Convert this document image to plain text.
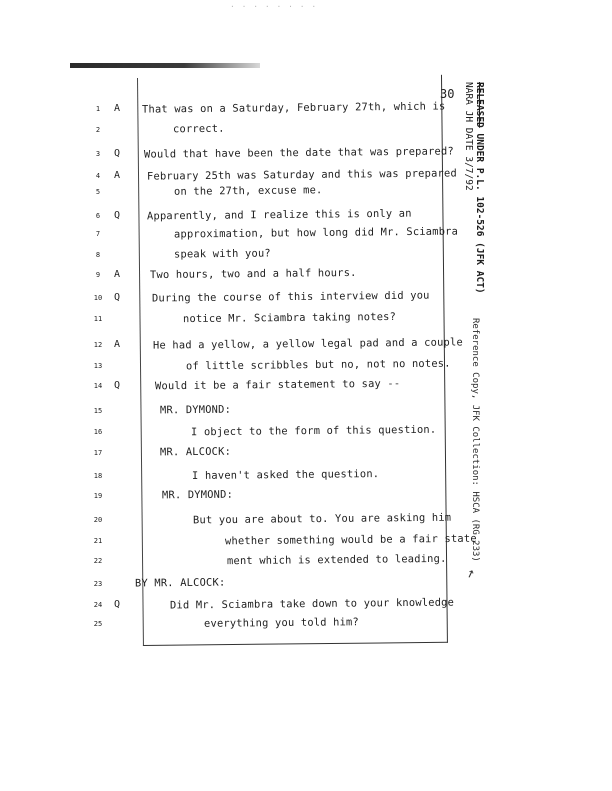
· · · · · · · ·
30 RELEASED UNDER P.L. 102-526 (JFK ACT)
NARA JH DATE 3/7/92
Reference Copy, JFK Collection: HSCA (RG 233)
↗
1	A That was on a Saturday, February 27th, which is
2	correct.
3	Q Would that have been the date that was prepared?
4	A	February 25th was Saturday and this was prepared
5	on the 27th, excuse me.
6	Q	Apparently, and I realize this is only an
7	approximation, but how long did Mr. Sciambra
8	speak with you?
9	A	Two hours, two and a half hours.
10	Q	During the course of this interview did you
11	notice Mr. Sciambra taking notes?
12	A	He had a yellow, a yellow legal pad and a couple
13	of little scribbles but no, not no notes.
14	Q	Would it be a fair statement to say --
15	MR. DYMOND:
16	I object to the form of this question.
17	MR. ALCOCK:
18	I haven't asked the question.
19	MR. DYMOND:
20	But you are about to. You are asking him
21	whether something would be a fair state
22	ment which is extended to leading.
23	BY MR. ALCOCK:
24	Q	Did Mr. Sciambra take down to your knowledge
25	everything you told him?
